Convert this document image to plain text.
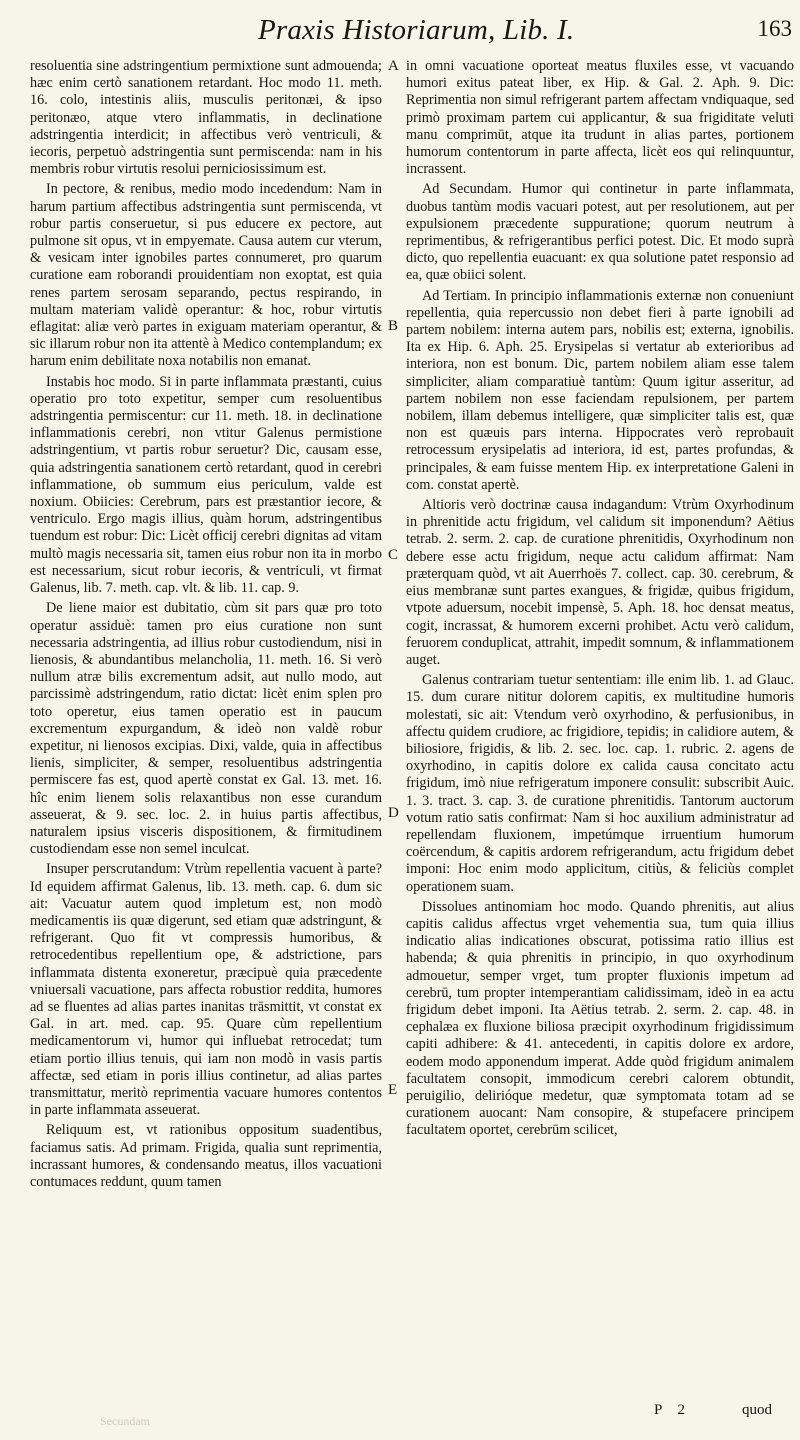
Praxis Historiarum, Lib. I.	163

resoluentia sine adstringentium permixtione sunt admouenda; hæc enim certò sanationem retardant. Hoc modo 11. meth. 16. colo, intestinis aliis, musculis peritonæi, & ipso peritonæo, atque vtero inflammatis, in declinatione adstringentia interdicit; in affectibus verò ventriculi, & iecoris, perpetuò adstringentia sunt permiscenda: nam in his membris robur virtutis resolui perniciosissimum est.

In pectore, & renibus, medio modo incedendum: Nam in harum partium affectibus adstringentia sunt permiscenda, vt robur partis conseruetur, si pus educere ex pectore, aut pulmone sit opus, vt in empyemate. Causa autem cur vterum, & vesicam inter ignobiles partes connumeret, pro quarum curatione eam roborandi prouidentiam non exoptat, est quia renes partem serosam separando, pectus respirando, in multam materiam validè operantur: & hoc, robur virtutis eflagitat: aliæ verò partes in exiguam materiam operantur, & sic illarum robur non ita attentè à Medico contemplandum; ex harum enim debilitate noxa notabilis non emanat.

Instabis hoc modo. Si in parte inflammata præstanti, cuius operatio pro toto expetitur, semper cum resoluentibus adstringentia permiscentur: cur 11. meth. 18. in declinatione inflammationis cerebri, non vtitur Galenus permistione adstringentium, vt partis robur seruetur? Dic, causam esse, quia adstringentia sanationem certò retardant, quod in cerebri inflammatione, ob summum eius periculum, valde est noxium. Obiicies: Cerebrum, pars est præstantior iecore, & ventriculo. Ergo magis illius, quàm horum, adstringentibus tuendum est robur: Dic: Licèt officij cerebri dignitas ad vitam multò magis necessaria sit, tamen eius robur non ita in morbo est necessarium, sicut robur iecoris, & ventriculi, vt firmat Galenus, lib. 7. meth. cap. vlt. & lib. 11. cap. 9.

De liene maior est dubitatio, cùm sit pars quæ pro toto operatur assiduè: tamen pro eius curatione non sunt necessaria adstringentia, ad illius robur custodiendum, nisi in lienosis, & abundantibus melancholia, 11. meth. 16. Si verò nullum atræ bilis excrementum adsit, aut nullo modo, aut parcissimè adstringendum, ratio dictat: licèt enim splen pro toto operetur, eius tamen operatio est in paucum excrementum expurgandum, & ideò non valdè robur expetitur, ni lienosos excipias. Dixi, valde, quia in affectibus lienis, simpliciter, & semper, resoluentibus adstringentia permiscere fas est, quod apertè constat ex Gal. 13. met. 16. hîc enim lienem solis relaxantibus non esse curandum asseuerat, & 9. sec. loc. 2. in huius partis affectibus, naturalem ipsius visceris dispositionem, & firmitudinem custodiendam esse non semel inculcat.

Insuper perscrutandum: Vtrùm repellentia vacuent à parte? Id equidem affirmat Galenus, lib. 13. meth. cap. 6. dum sic ait: Vacuatur autem quod impletum est, non modò medicamentis iis quæ digerunt, sed etiam quæ adstringunt, & refrigerant. Quo fit vt compressis humoribus, & retrocedentibus repellentium ope, & adstrictione, pars inflammata distenta exoneretur, præcipuè quia præcedente vniuersali vacuatione, pars affecta robustior reddita, humores ad se fluentes ad alias partes inanitas trāsmittit, vt constat ex Gal. in art. med. cap. 95. Quare cùm repellentium medicamentorum vi, humor qui influebat retrocedat; tum etiam portio illius tenuis, qui iam non modò in vasis partis affectæ, sed etiam in poris illius continetur, ad alias partes transmittatur, meritò reprimentia vacuare humores contentos in parte inflammata asseuerat.

Reliquum est, vt rationibus oppositum suadentibus, faciamus satis. Ad primam. Frigida, qualia sunt reprimentia, incrassant humores, & condensando meatus, illos vacuationi contumaces reddunt, quum tamen

A
B
C
D
E

in omni vacuatione oporteat meatus fluxiles esse, vt vacuando humori exitus pateat liber, ex Hip. & Gal. 2. Aph. 9. Dic: Reprimentia non simul refrigerant partem affectam vndiquaque, sed primò proximam partem cui applicantur, & sua frigiditate veluti manu comprimūt, atque ita trudunt in alias partes, portionem humorum contentorum in parte affecta, licèt eos qui relinquuntur, incrassent.

Ad Secundam. Humor qui continetur in parte inflammata, duobus tantùm modis vacuari potest, aut per resolutionem, aut per expulsionem præcedente suppuratione; quorum neutrum à reprimentibus, & refrigerantibus perfici potest. Dic. Et modo suprà dicto, quo repellentia euacuant: ex qua solutione patet responsio ad ea, quæ obiici solent.

Ad Tertiam. In principio inflammationis externæ non conueniunt repellentia, quia repercussio non debet fieri à parte ignobili ad partem nobilem: interna autem pars, nobilis est; externa, ignobilis. Ita ex Hip. 6. Aph. 25. Erysipelas si vertatur ab exterioribus ad interiora, non est bonum. Dic, partem nobilem aliam esse talem simpliciter, aliam comparatiuè tantùm: Quum igitur asseritur, ad partem nobilem non esse faciendam repulsionem, per partem nobilem, illam debemus intelligere, quæ simpliciter talis est, quæ non est quæuis pars interna. Hippocrates verò reprobauit retrocessum erysipelatis ad interiora, id est, partes profundas, & principales, & eam fuisse mentem Hip. ex interpretatione Galeni in com. constat apertè.

Altioris verò doctrinæ causa indagandum: Vtrùm Oxyrhodinum in phrenitide actu frigidum, vel calidum sit imponendum? Aëtius tetrab. 2. serm. 2. cap. de curatione phrenitidis, Oxyrhodinum non debere esse actu frigidum, neque actu calidum affirmat: Nam præterquam quòd, vt ait Auerrhoës 7. collect. cap. 30. cerebrum, & eius membranæ sunt partes exangues, & frigidæ, quibus frigidum, vtpote aduersum, nocebit impensè, 5. Aph. 18. hoc densat meatus, cogit, incrassat, & humorem excerni prohibet. Actu verò calidum, feruorem conduplicat, attrahit, impedit somnum, & inflammationem auget.

Galenus contrariam tuetur sententiam: ille enim lib. 1. ad Glauc. 15. dum curare nititur dolorem capitis, ex multitudine humoris molestati, sic ait: Vtendum verò oxyrhodino, & perfusionibus, in affectu quidem crudiore, ac frigidiore, tepidis; in calidiore autem, & biliosiore, frigidis, & lib. 2. sec. loc. cap. 1. rubric. 2. agens de oxyrhodino, in capitis dolore ex calida causa concitato actu frigidum, imò niue refrigeratum imponere consulit: subscribit Auic. 1. 3. tract. 3. cap. 3. de curatione phrenitidis. Tantorum auctorum votum ratio satis confirmat: Nam si hoc auxilium administratur ad repellendam fluxionem, impetúmque irruentium humorum coërcendum, & capitis ardorem refrigerandum, actu frigidum debet imponi: Hoc enim modo applicitum, citiùs, & feliciùs complet operationem suam.

Dissolues antinomiam hoc modo. Quando phrenitis, aut alius capitis calidus affectus vrget vehementia sua, tum quia illius indicatio alias indicationes obscurat, potissima ratio illius est habenda; & quia phrenitis in principio, in quo oxyrhodinum admouetur, semper vrget, tum propter fluxionis impetum ad cerebrū, tum propter intemperantiam calidissimam, ideò in ea actu frigidum debet imponi. Ita Aëtius tetrab. 2. serm. 2. cap. 48. in cephalæa ex fluxione biliosa præcipit oxyrhodinum frigidissimum capiti adhibere: & 41. antecedenti, in capitis dolore ex ardore, eodem modo apponendum imperat. Adde quòd frigidum animalem facultatem consopit, immodicum cerebri calorem obtundit, peruigilio, delirióque medetur, quæ symptomata totam ad se curationem auocant: Nam consopire, & stupefacere principem facultatem oportet, cerebrūm scilicet,

Secundam
P 2	quod
